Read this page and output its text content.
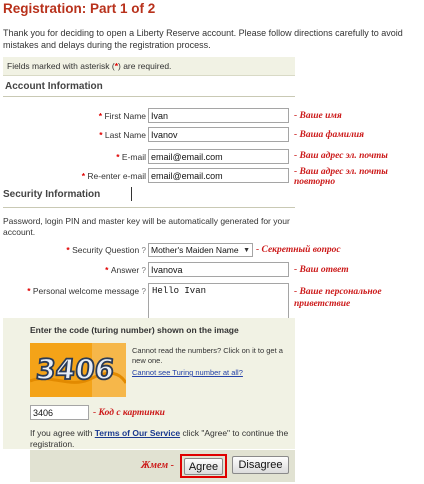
Registration: Part 1 of 2
Thank you for deciding to open a Liberty Reserve account. Please follow directions carefully to avoid mistakes and delays during the registration process.
Fields marked with asterisk (*) are required.
Account Information
* First Name Ivan	- Ваше имя
* Last Name Ivanov	- Ваша фамилия
* E-mail email@email.com	- Ваш адрес эл. почты
* Re-enter e-mail email@email.com	- Ваш адрес эл. почты повторно
Security Information
Password, login PIN and master key will be automatically generated for your account.
* Security Question ? Mother's Maiden Name ▼ - Секретный вопрос
* Answer ? Ivanova	- Ваш ответ
* Personal welcome message ? Hello Ivan	- Ваше персональное приветствие
Enter the code (turing number) shown on the image
3406
Cannot read the numbers? Click on it to get a new one.
Cannot see Turing number at all?
3406	- Код с картинки
If you agree with Terms of Our Service click "Agree" to continue the registration.
Жмем -	Agree	Disagree
